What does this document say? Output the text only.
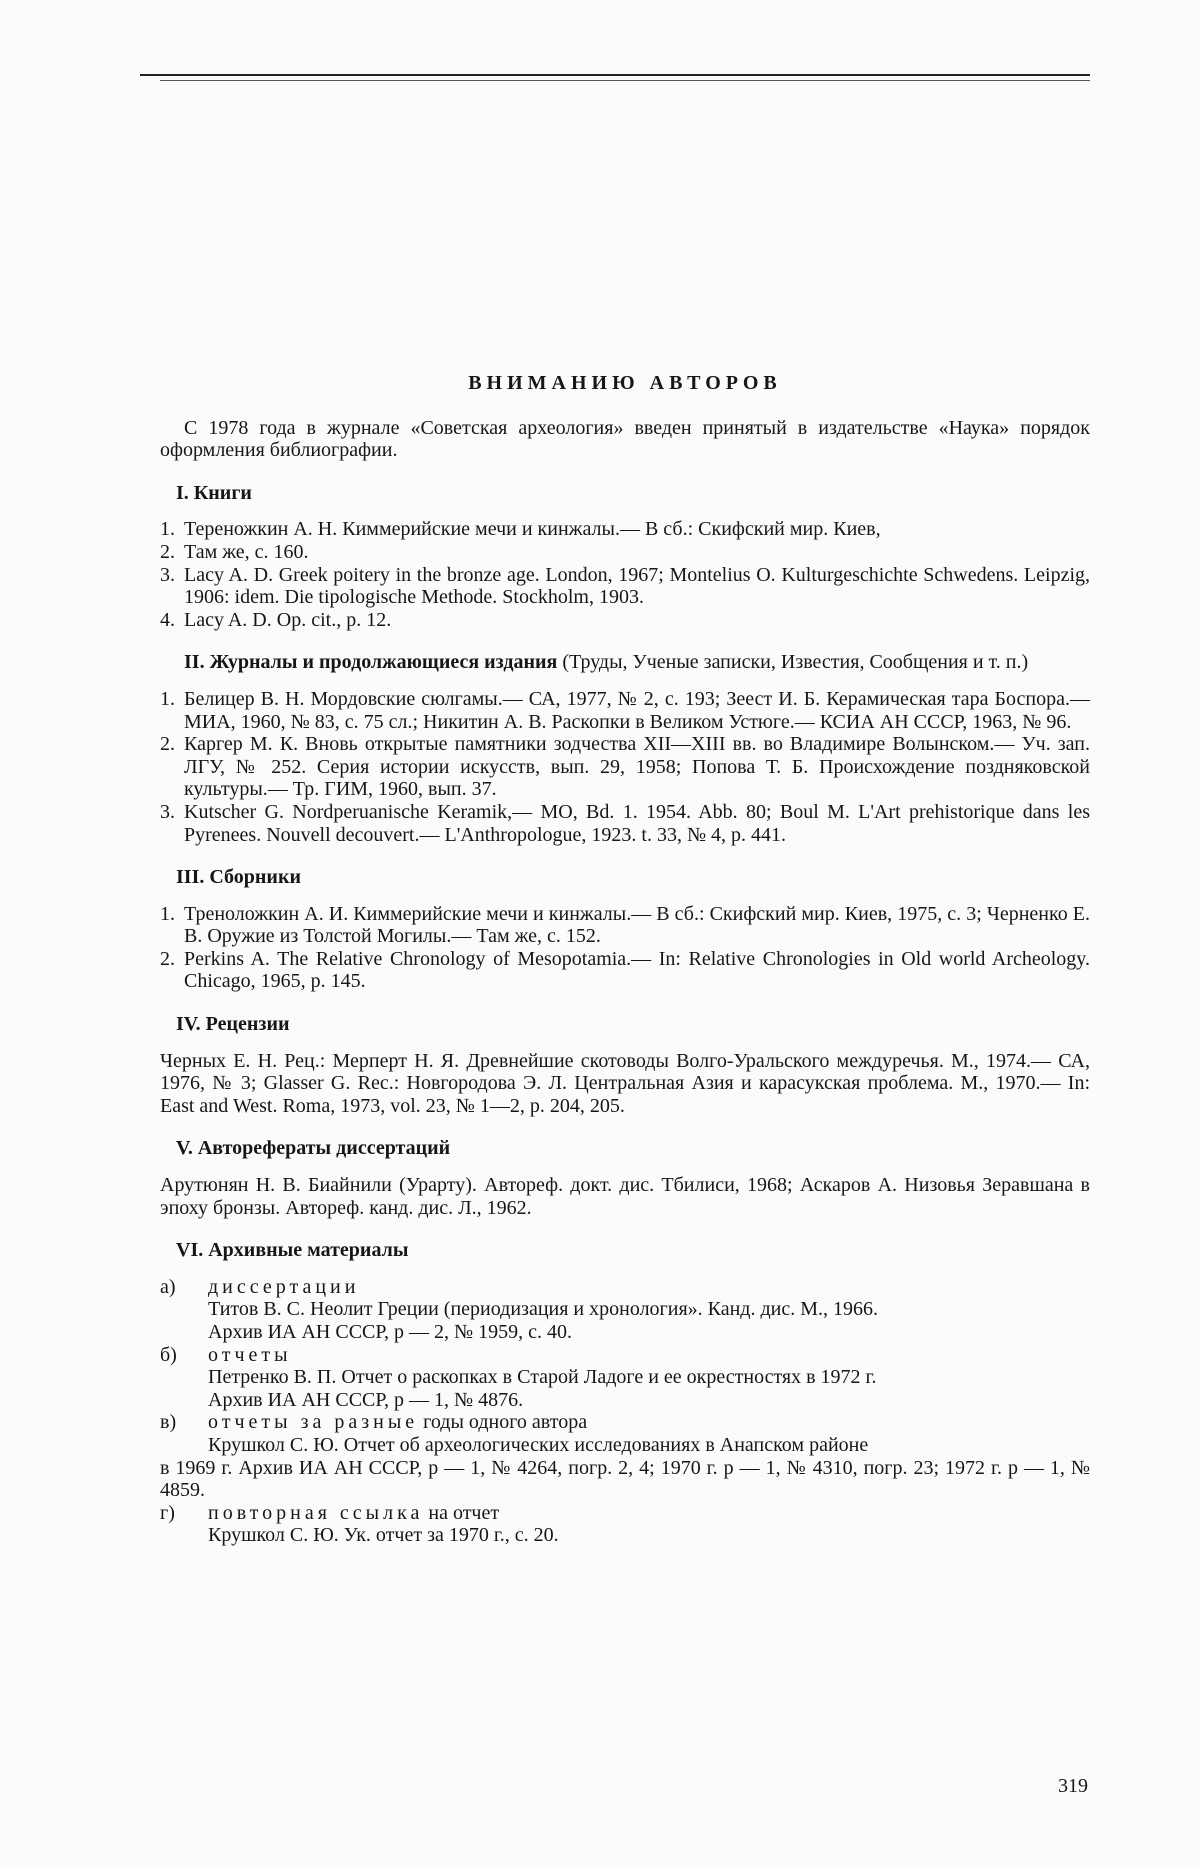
ВНИМАНИЮ АВТОРОВ

С 1978 года в журнале «Советская археология» введен принятый в издательстве «Наука» порядок оформления библиографии.

I. Книги
1. Тереножкин А. Н. Киммерийские мечи и кинжалы.— В сб.: Скифский мир. Киев,
2. Там же, с. 160.
3. Lacy A. D. Greek poitery in the bronze age. London, 1967; Montelius O. Kulturgeschichte Schwedens. Leipzig, 1906: idem. Die tipologische Methode. Stockholm, 1903.
4. Lacy A. D. Op. cit., p. 12.
II. Журналы и продолжающиеся издания (Труды, Ученые записки, Известия, Сообщения и т. п.)
1. Белицер В. Н. Мордовские сюлгамы.— СА, 1977, № 2, с. 193; Зеест И. Б. Керамическая тара Боспора.— МИА, 1960, № 83, с. 75 сл.; Никитин А. В. Раскопки в Великом Устюге.— КСИА АН СССР, 1963, № 96.
2. Каргер М. К. Вновь открытые памятники зодчества XII—XIII вв. во Владимире Волынском.— Уч. зап. ЛГУ, № 252. Серия истории искусств, вып. 29, 1958; Попова Т. Б. Происхождение поздняковской культуры.— Тр. ГИМ, 1960, вып. 37.
3. Kutscher G. Nordperuanische Keramik,— MO, Bd. 1. 1954. Abb. 80; Boul M. L'Art prehistorique dans les Pyrenees. Nouvell decouvert.— L'Anthropologue, 1923. t. 33, № 4, p. 441.
III. Сборники
1. Треноложкин А. И. Киммерийские мечи и кинжалы.— В сб.: Скифский мир. Киев, 1975, с. 3; Черненко Е. В. Оружие из Толстой Могилы.— Там же, с. 152.
2. Perkins A. The Relative Chronology of Mesopotamia.— In: Relative Chronologies in Old world Archeology. Chicago, 1965, p. 145.
IV. Рецензии

Черных Е. Н. Рец.: Мерперт Н. Я. Древнейшие скотоводы Волго-Уральского междуречья. М., 1974.— СА, 1976, № 3; Glasser G. Rec.: Новгородова Э. Л. Центральная Азия и карасукская проблема. М., 1970.— In: East and West. Roma, 1973, vol. 23, № 1—2, p. 204, 205.

V. Авторефераты диссертаций

Арутюнян Н. В. Биайнили (Урарту). Автореф. докт. дис. Тбилиси, 1968; Аскаров А. Низовья Зеравшана в эпоху бронзы. Автореф. канд. дис. Л., 1962.

VI. Архивные материалы
а)	диссертации
Титов В. С. Неолит Греции (периодизация и хронология». Канд. дис. М., 1966.
Архив ИА АН СССР, р — 2, № 1959, с. 40.
б)	отчеты
Петренко В. П. Отчет о раскопках в Старой Ладоге и ее окрестностях в 1972 г.
Архив ИА АН СССР, р — 1, № 4876.
в)	отчеты за разные годы одного автора
Крушкол С. Ю. Отчет об археологических исследованиях в Анапском районе

в 1969 г. Архив ИА АН СССР, р — 1, № 4264, погр. 2, 4; 1970 г. р — 1, № 4310, погр. 23; 1972 г. р — 1, № 4859.

г)	повторная ссылка на отчет
Крушкол С. Ю. Ук. отчет за 1970 г., с. 20.
319
